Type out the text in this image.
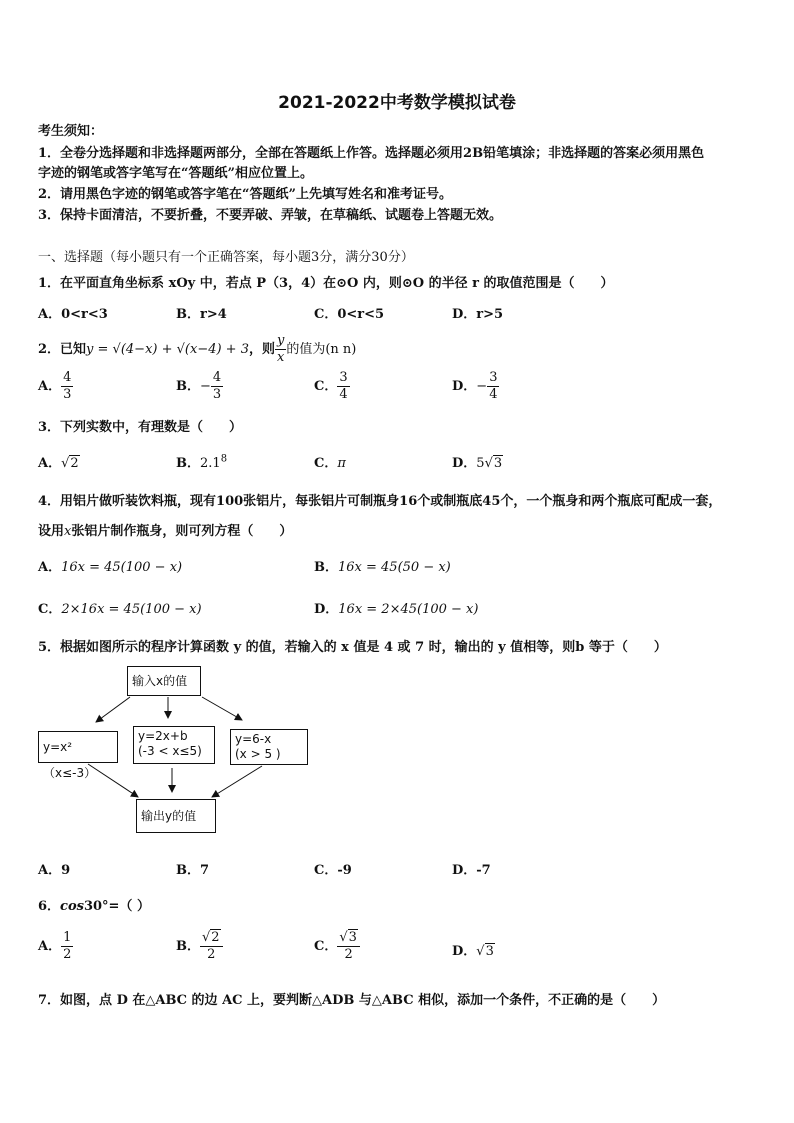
2021-2022中考数学模拟试卷
考生须知：
1．全卷分选择题和非选择题两部分，全部在答题纸上作答。选择题必须用2B铅笔填涂；非选择题的答案必须用黑色
字迹的钢笔或答字笔写在“答题纸”相应位置上。
2．请用黑色字迹的钢笔或答字笔在“答题纸”上先填写姓名和准考证号。
3．保持卡面清洁，不要折叠，不要弄破、弄皱，在草稿纸、试题卷上答题无效。
一、选择题（每小题只有一个正确答案，每小题3分，满分30分）
1．在平面直角坐标系 xOy 中，若点 P（3，4）在⊙O 内，则⊙O 的半径 r 的取值范围是（　　）
A．0<r<3	B．r>4	C．0<r<5	D．r>5
2．已知y = √(4−x) + √(x−4) + 3，则 $\frac{y}{x}$ 的值为(n n)
A． $\frac{4}{3}$	B．− $\frac{4}{3}$	C． $\frac{3}{4}$	D．− $\frac{3}{4}$
3．下列实数中，有理数是（　　）
A．√2	B．$2.1^8$	C．π	D．5√3
4．用铝片做听装饮料瓶，现有100张铝片，每张铝片可制瓶身16个或制瓶底45个，一个瓶身和两个瓶底可配成一套，
设用x张铝片制作瓶身，则可列方程（　　）
A．16x = 45(100 − x)	B．16x = 45(50 − x)
C．2×16x = 45(100 − x)	D．16x = 2×45(100 − x)
5．根据如图所示的程序计算函数 y 的值，若输入的 x 值是 4 或 7 时，输出的 y 值相等，则b 等于（　　）
输入x的值
y=x² （x≤-3）
y=2x+b
(-3 < x≤5)
y=6-x
(x > 5 )
输出y的值
A．9	B．7	C．-9	D．-7
6．cos30°=（ ）
A． $\frac{1}{2}$	B． $\frac{√2}{2}$	C． $\frac{√3}{2}$	D．√3
7．如图，点 D 在△ABC 的边 AC 上，要判断△ADB 与△ABC 相似，添加一个条件，不正确的是（　　）
